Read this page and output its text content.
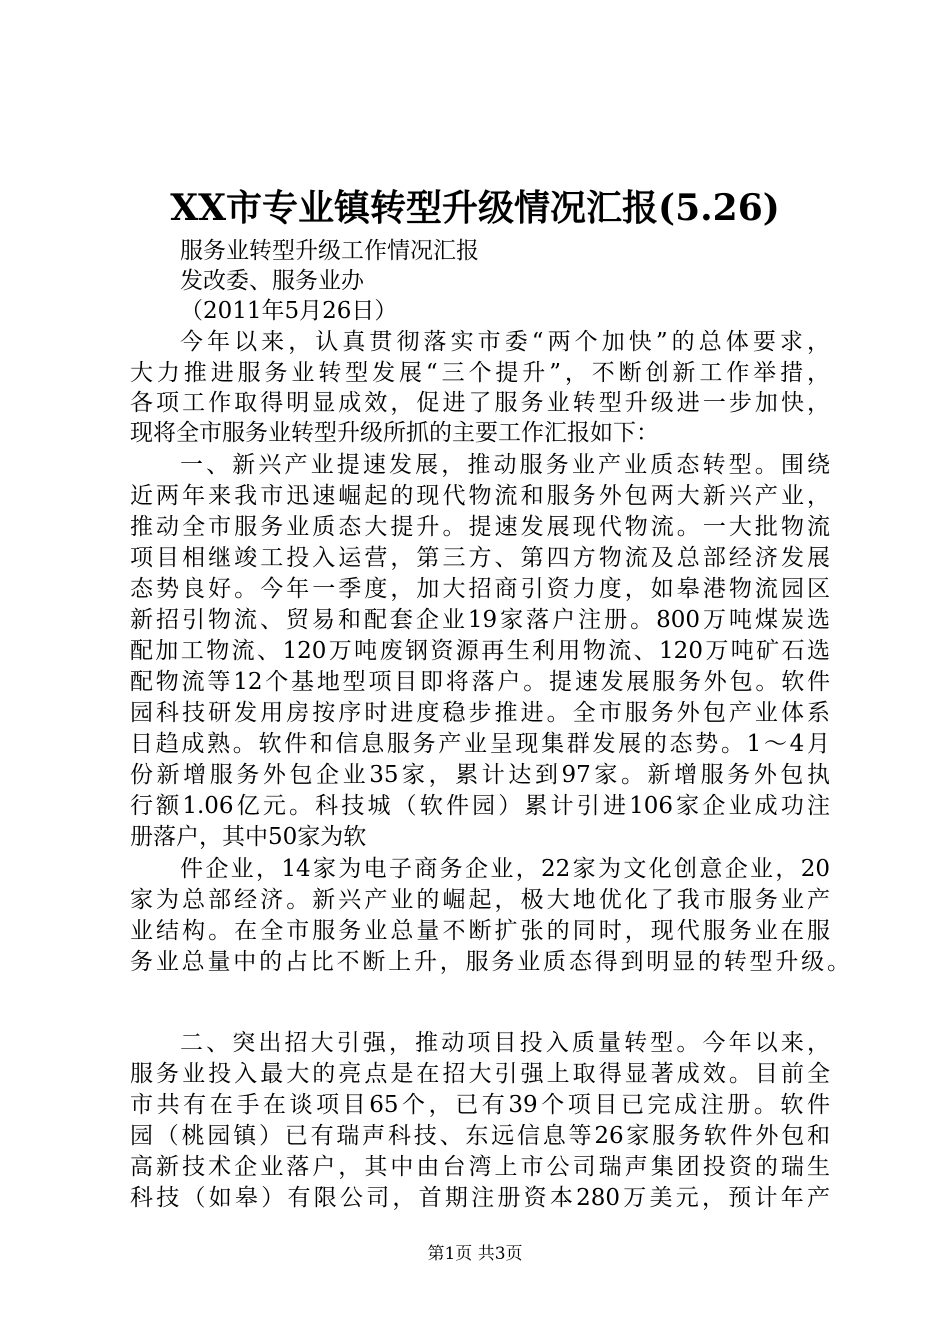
XX市专业镇转型升级情况汇报(5.26)
服务业转型升级工作情况汇报
发改委、服务业办
（2011年5月26日）
今年以来，认真贯彻落实市委“两个加快”的总体要求，
大力推进服务业转型发展“三个提升”，不断创新工作举措，
各项工作取得明显成效，促进了服务业转型升级进一步加快，
现将全市服务业转型升级所抓的主要工作汇报如下：
一、新兴产业提速发展，推动服务业产业质态转型。围绕
近两年来我市迅速崛起的现代物流和服务外包两大新兴产业，
推动全市服务业质态大提升。提速发展现代物流。一大批物流
项目相继竣工投入运营，第三方、第四方物流及总部经济发展
态势良好。今年一季度，加大招商引资力度，如皋港物流园区
新招引物流、贸易和配套企业19家落户注册。800万吨煤炭选
配加工物流、120万吨废钢资源再生利用物流、120万吨矿石选
配物流等12个基地型项目即将落户。提速发展服务外包。软件
园科技研发用房按序时进度稳步推进。全市服务外包产业体系
日趋成熟。软件和信息服务产业呈现集群发展的态势。1～4月
份新增服务外包企业35家，累计达到97家。新增服务外包执
行额1.06亿元。科技城（软件园）累计引进106家企业成功注
册落户，其中50家为软
件企业，14家为电子商务企业，22家为文化创意企业，20
家为总部经济。新兴产业的崛起，极大地优化了我市服务业产
业结构。在全市服务业总量不断扩张的同时，现代服务业在服
务业总量中的占比不断上升，服务业质态得到明显的转型升级。
二、突出招大引强，推动项目投入质量转型。今年以来，
服务业投入最大的亮点是在招大引强上取得显著成效。目前全
市共有在手在谈项目65个，已有39个项目已完成注册。软件
园（桃园镇）已有瑞声科技、东远信息等26家服务软件外包和
高新技术企业落户，其中由台湾上市公司瑞声集团投资的瑞生
科技（如皋）有限公司，首期注册资本280万美元，预计年产
第1页 共3页
